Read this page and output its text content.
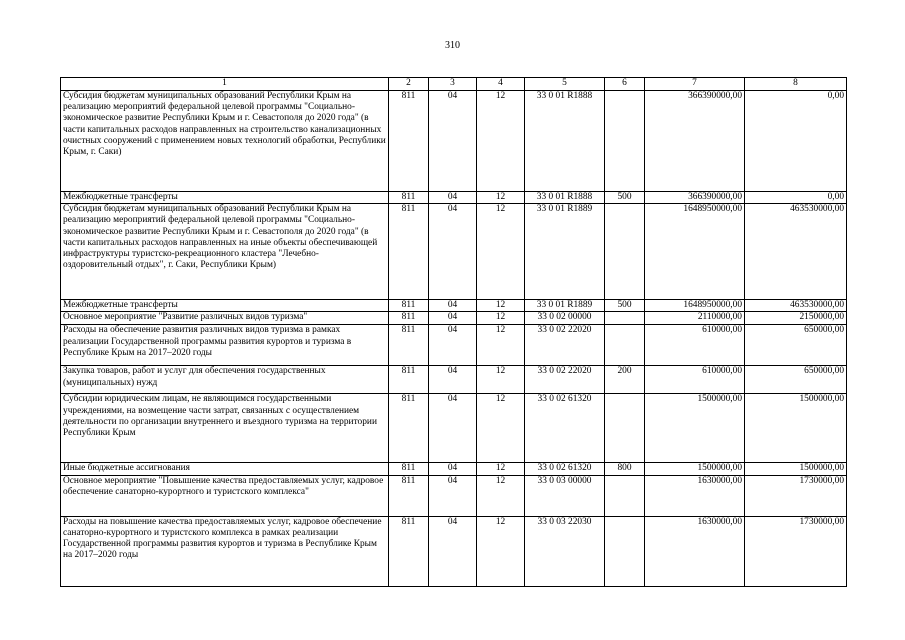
310
1	2	3	4	5	6	7	8
Субсидия бюджетам муниципальных образований Республики Крым на реализацию мероприятий федеральной целевой программы "Социально-экономическое развитие Республики Крым и г. Севастополя до 2020 года" (в части капитальных расходов направленных на строительство канализационных очистных сооружений с применением новых технологий обработки, Республики Крым, г. Саки)	811	04	12	33 0 01 R1888		366390000,00	0,00
Межбюджетные трансферты	811	04	12	33 0 01 R1888	500	366390000,00	0,00
Субсидия бюджетам муниципальных образований Республики Крым на реализацию мероприятий федеральной целевой программы "Социально-экономическое развитие Республики Крым и г. Севастополя до 2020 года" (в части капитальных расходов направленных на иные объекты обеспечивающей инфраструктуры туристско-рекреационного кластера "Лечебно-оздоровительный отдых", г. Саки, Республики Крым)	811	04	12	33 0 01 R1889		1648950000,00	463530000,00
Межбюджетные трансферты	811	04	12	33 0 01 R1889	500	1648950000,00	463530000,00
Основное мероприятие "Развитие различных видов туризма"	811	04	12	33 0 02 00000		2110000,00	2150000,00
Расходы на обеспечение развития различных видов туризма в рамках реализации Государственной программы развития курортов и туризма в Республике Крым на 2017–2020 годы	811	04	12	33 0 02 22020		610000,00	650000,00
Закупка товаров, работ и услуг для обеспечения государственных (муниципальных) нужд	811	04	12	33 0 02 22020	200	610000,00	650000,00
Субсидии юридическим лицам, не являющимся государственными учреждениями, на возмещение части затрат, связанных с осуществлением деятельности по организации внутреннего и въездного туризма на территории Республики Крым	811	04	12	33 0 02 61320		1500000,00	1500000,00
Иные бюджетные ассигнования	811	04	12	33 0 02 61320	800	1500000,00	1500000,00
Основное мероприятие "Повышение качества предоставляемых услуг, кадровое обеспечение санаторно-курортного и туристского комплекса"	811	04	12	33 0 03 00000		1630000,00	1730000,00
Расходы на повышение качества предоставляемых услуг, кадровое обеспечение санаторно-курортного и туристского комплекса в рамках реализации Государственной программы развития курортов и туризма в Республике Крым на 2017–2020 годы	811	04	12	33 0 03 22030		1630000,00	1730000,00
